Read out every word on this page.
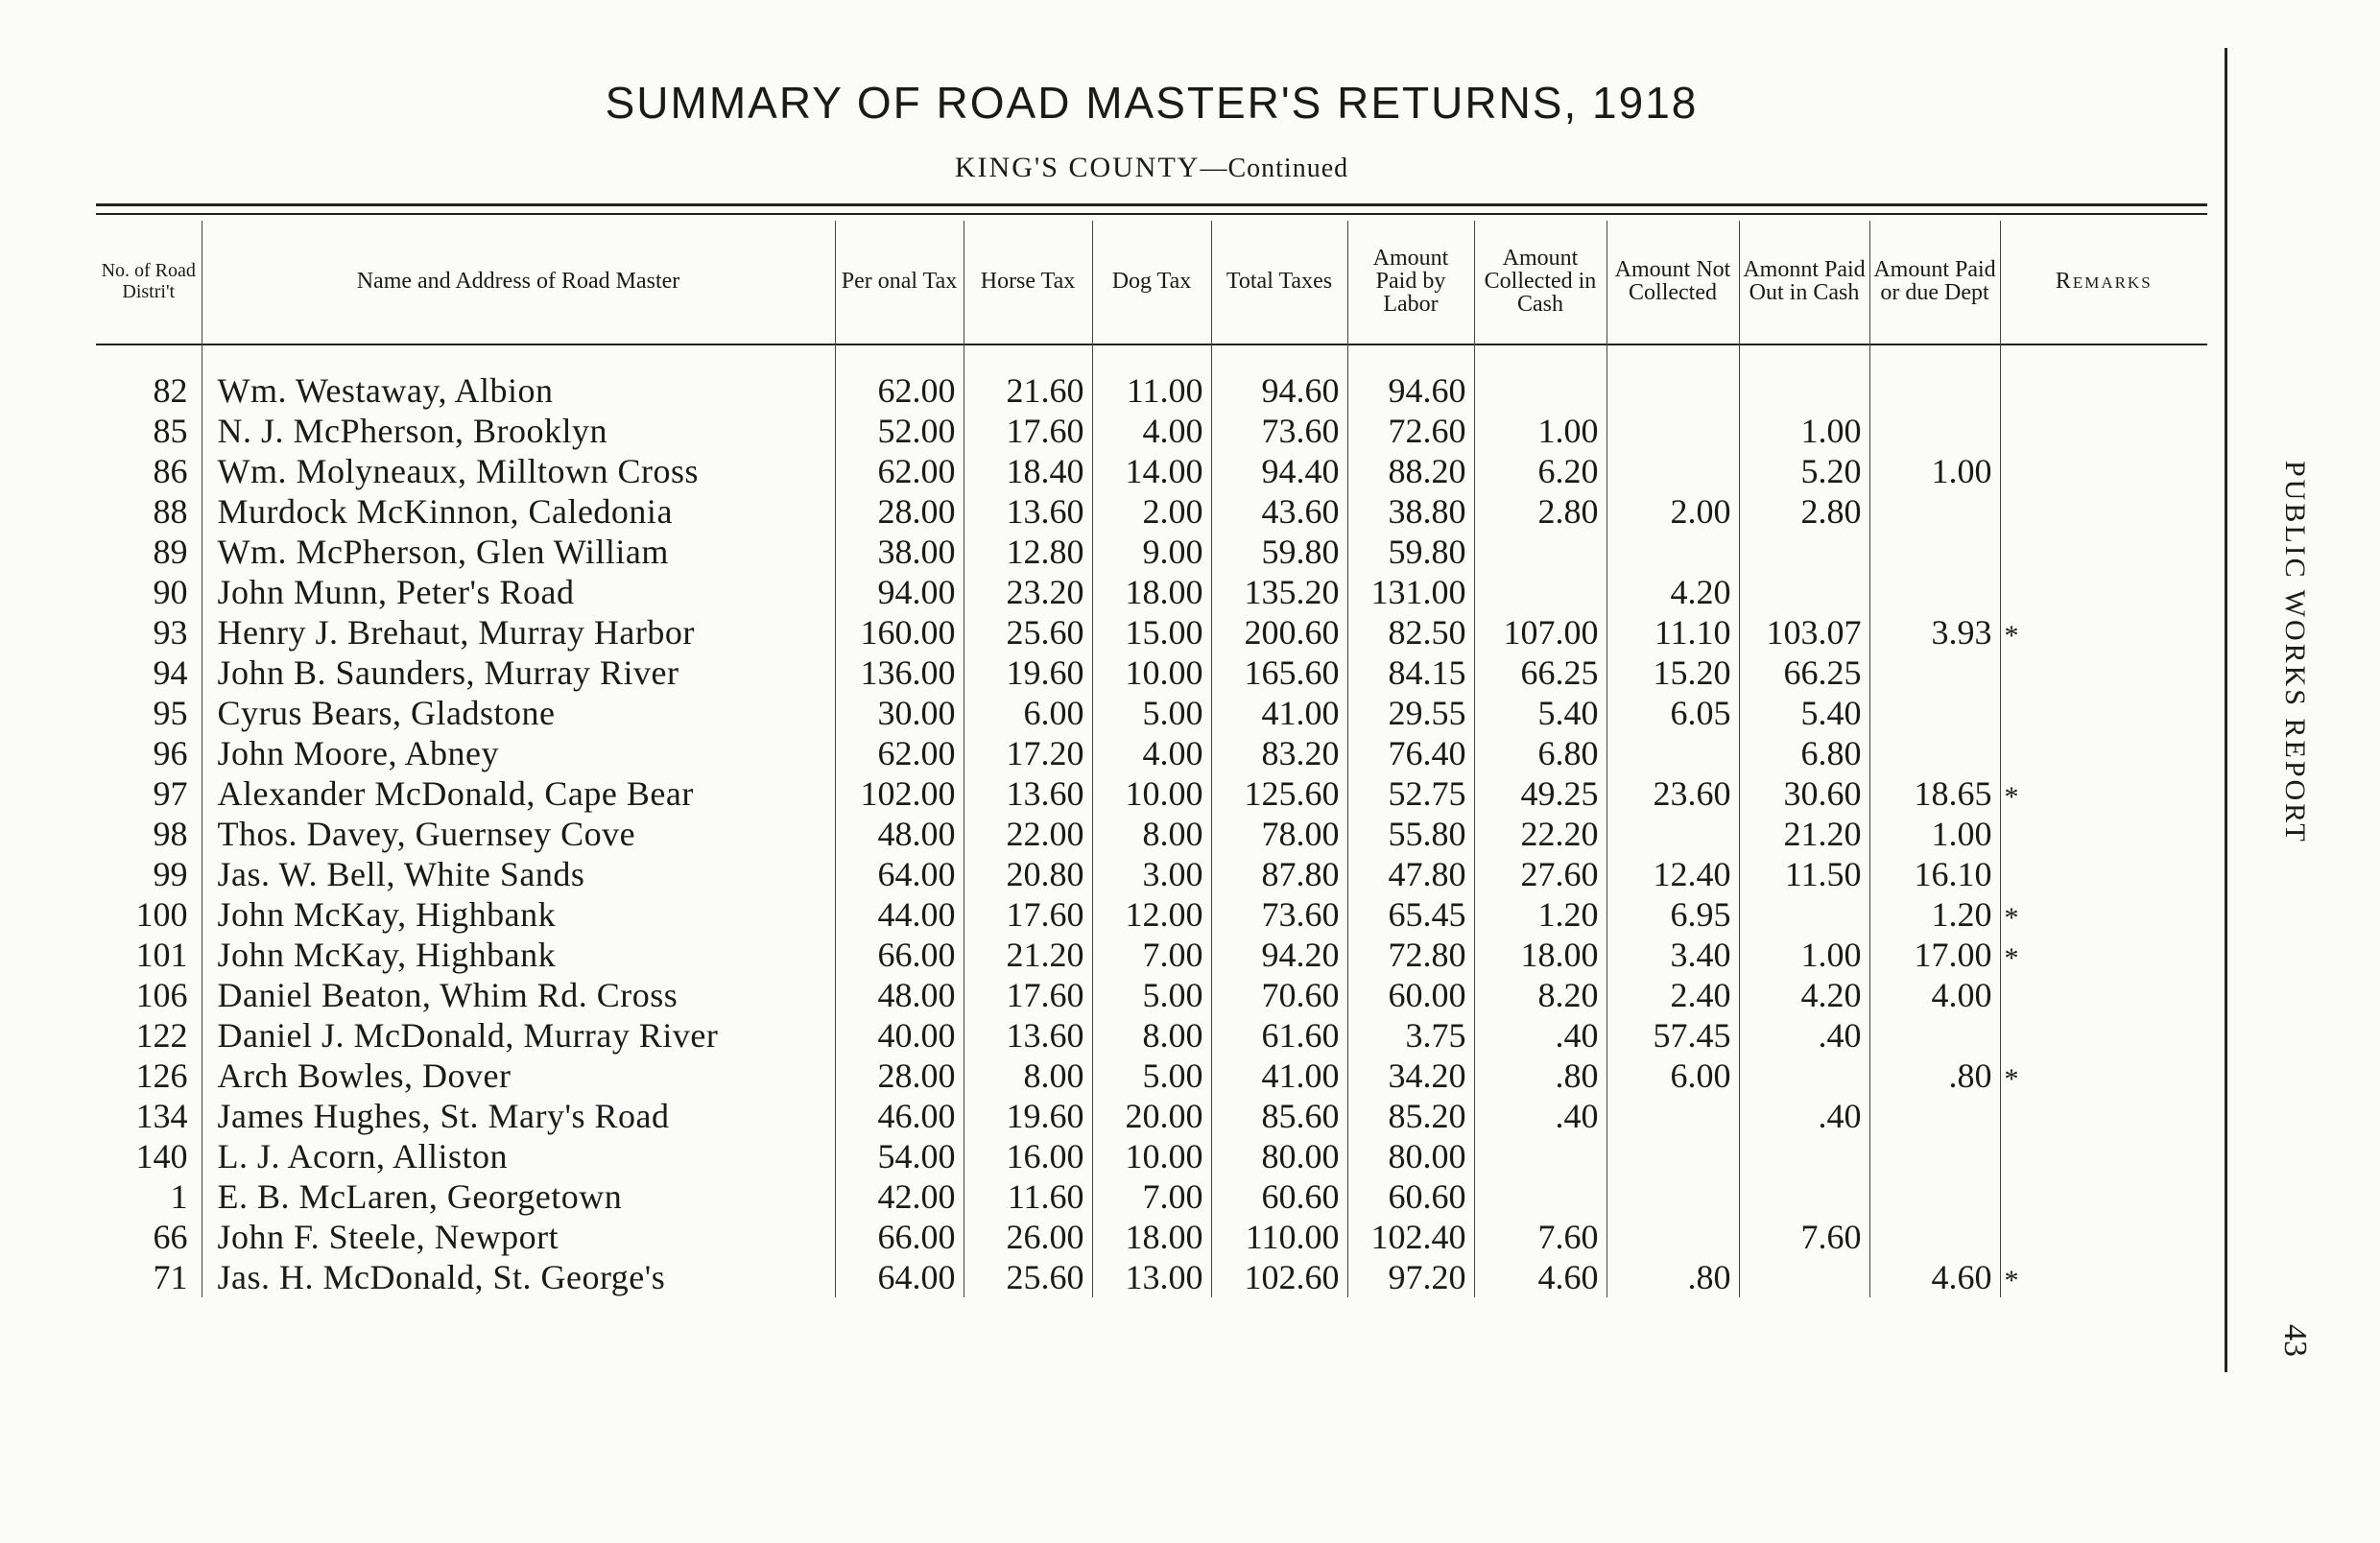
SUMMARY OF ROAD MASTER'S RETURNS, 1918
KING'S COUNTY—Continued
No. of Road Distri't	Name and Address of Road Master	Per onal Tax	Horse Tax	Dog Tax	Total Taxes	Amount Paid by Labor	Amount Collected in Cash	Amount Not Collected	Amonnt Paid Out in Cash	Amount Paid or due Dept	Remarks

82	Wm. Westaway, Albion	62.00	21.60	11.00	94.60	94.60					
85	N. J. McPherson, Brooklyn	52.00	17.60	4.00	73.60	72.60	1.00		1.00		
86	Wm. Molyneaux, Milltown Cross	62.00	18.40	14.00	94.40	88.20	6.20		5.20	1.00	
88	Murdock McKinnon, Caledonia	28.00	13.60	2.00	43.60	38.80	2.80	2.00	2.80		
89	Wm. McPherson, Glen William	38.00	12.80	9.00	59.80	59.80					
90	John Munn, Peter's Road	94.00	23.20	18.00	135.20	131.00		4.20			
93	Henry J. Brehaut, Murray Harbor	160.00	25.60	15.00	200.60	82.50	107.00	11.10	103.07	3.93	*
94	John B. Saunders, Murray River	136.00	19.60	10.00	165.60	84.15	66.25	15.20	66.25		
95	Cyrus Bears, Gladstone	30.00	6.00	5.00	41.00	29.55	5.40	6.05	5.40		
96	John Moore, Abney	62.00	17.20	4.00	83.20	76.40	6.80		6.80		
97	Alexander McDonald, Cape Bear	102.00	13.60	10.00	125.60	52.75	49.25	23.60	30.60	18.65	*
98	Thos. Davey, Guernsey Cove	48.00	22.00	8.00	78.00	55.80	22.20		21.20	1.00	
99	Jas. W. Bell, White Sands	64.00	20.80	3.00	87.80	47.80	27.60	12.40	11.50	16.10	
100	John McKay, Highbank	44.00	17.60	12.00	73.60	65.45	1.20	6.95		1.20	*
101	John McKay, Highbank	66.00	21.20	7.00	94.20	72.80	18.00	3.40	1.00	17.00	*
106	Daniel Beaton, Whim Rd. Cross	48.00	17.60	5.00	70.60	60.00	8.20	2.40	4.20	4.00	
122	Daniel J. McDonald, Murray River	40.00	13.60	8.00	61.60	3.75	.40	57.45	.40		
126	Arch Bowles, Dover	28.00	8.00	5.00	41.00	34.20	.80	6.00		.80	*
134	James Hughes, St. Mary's Road	46.00	19.60	20.00	85.60	85.20	.40		.40		
140	L. J. Acorn, Alliston	54.00	16.00	10.00	80.00	80.00					
1	E. B. McLaren, Georgetown	42.00	11.60	7.00	60.60	60.60					
66	John F. Steele, Newport	66.00	26.00	18.00	110.00	102.40	7.60		7.60		
71	Jas. H. McDonald, St. George's	64.00	25.60	13.00	102.60	97.20	4.60	.80		4.60	*
PUBLIC WORKS REPORT
43
